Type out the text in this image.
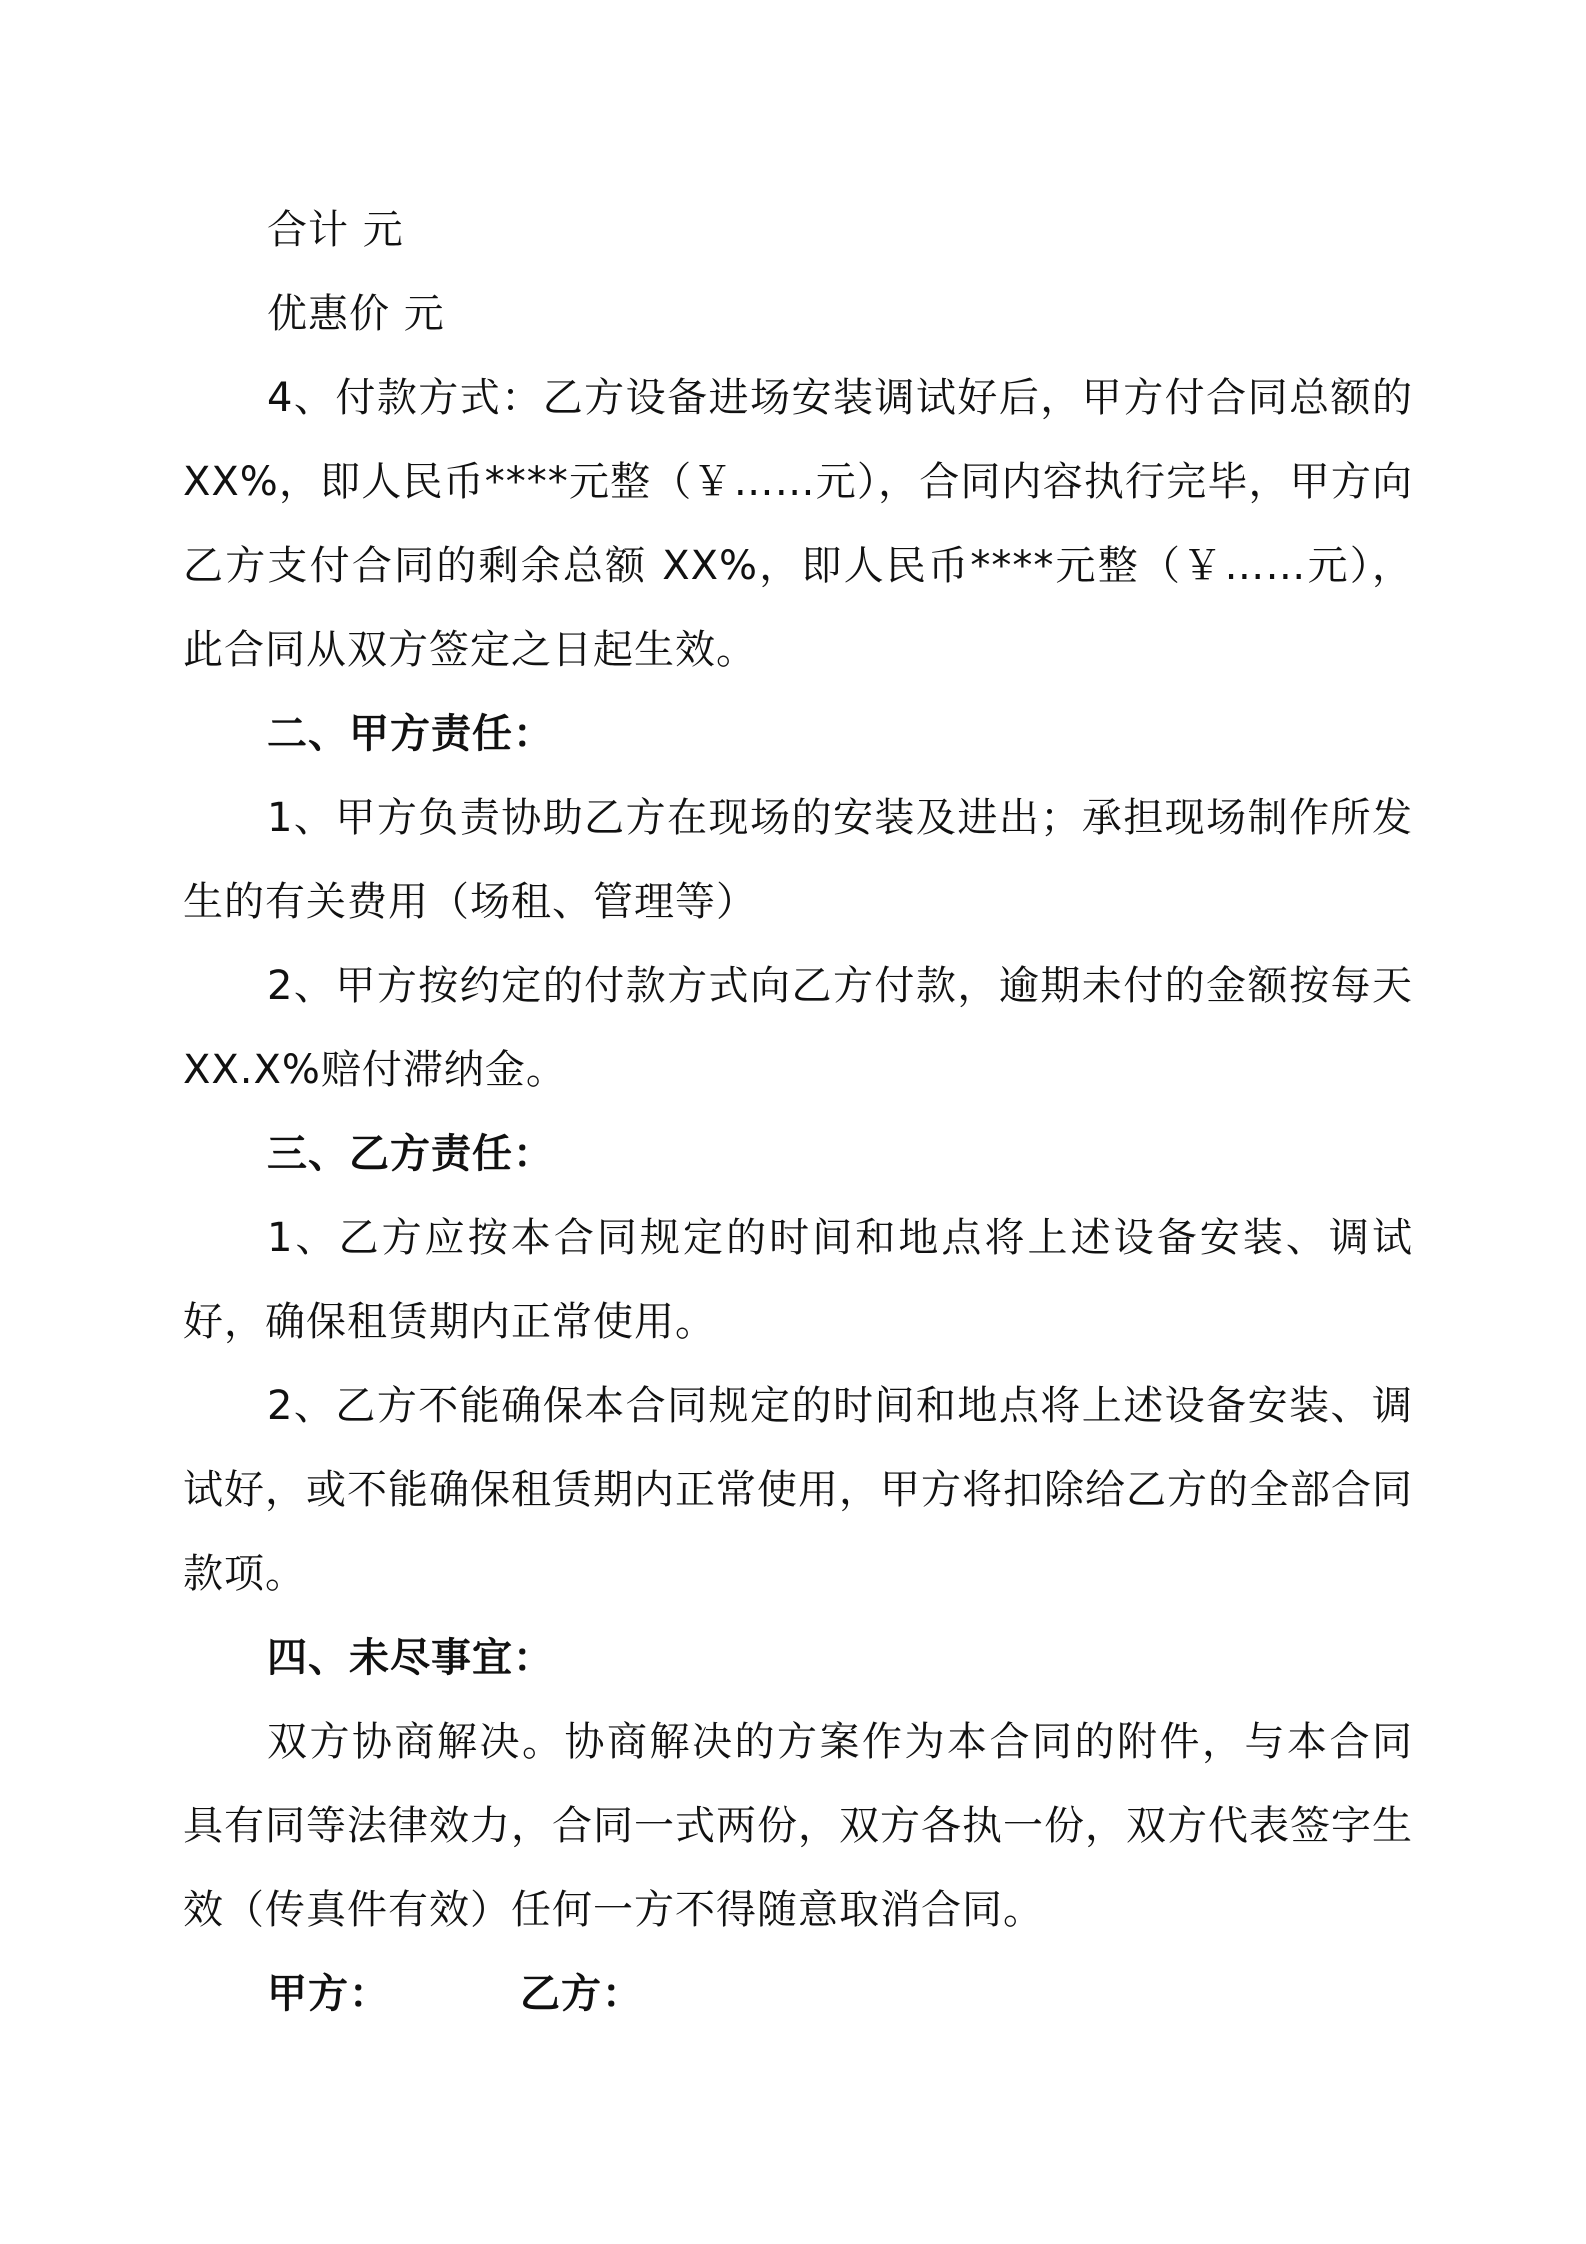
合计 元

优惠价 元

4、付款方式：乙方设备进场安装调试好后，甲方付合同总额的 XX%，即人民币****元整（￥……元），合同内容执行完毕，甲方向乙方支付合同的剩余总额 XX%，即人民币****元整（￥……元），此合同从双方签定之日起生效。

二、甲方责任：

1、甲方负责协助乙方在现场的安装及进出；承担现场制作所发生的有关费用（场租、管理等）

2、甲方按约定的付款方式向乙方付款，逾期未付的金额按每天 XX.X%赔付滞纳金。

三、乙方责任：

1、乙方应按本合同规定的时间和地点将上述设备安装、调试好，确保租赁期内正常使用。

2、乙方不能确保本合同规定的时间和地点将上述设备安装、调试好，或不能确保租赁期内正常使用，甲方将扣除给乙方的全部合同款项。

四、未尽事宜：

双方协商解决。协商解决的方案作为本合同的附件，与本合同具有同等法律效力，合同一式两份，双方各执一份，双方代表签字生效（传真件有效）任何一方不得随意取消合同。

甲方：	乙方：
